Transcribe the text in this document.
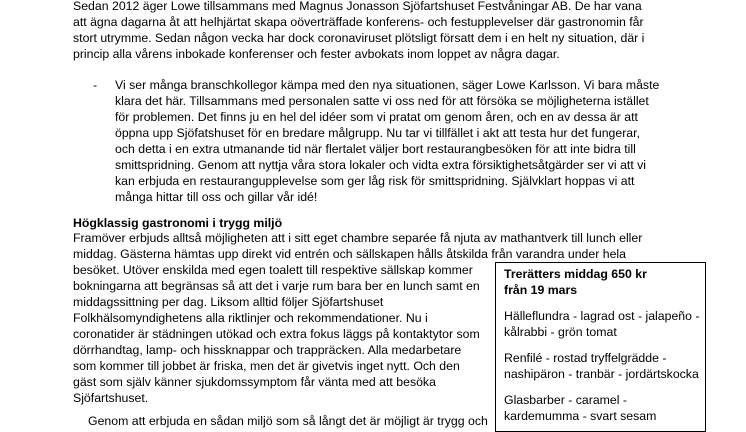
Sedan 2012 äger Lowe tillsammans med Magnus Jonasson Sjöfartshuset Festvåningar AB. De har vana
att ägna dagarna åt att helhjärtat skapa oöverträffade konferens- och festupplevelser där gastronomin får
stort utrymme. Sedan någon vecka har dock coronaviruset plötsligt försatt dem i en helt ny situation, där i
princip alla vårens inbokade konferenser och fester avbokats inom loppet av några dagar.
- Vi ser många branschkollegor kämpa med den nya situationen, säger Lowe Karlsson. Vi bara måste
klara det här. Tillsammans med personalen satte vi oss ned för att försöka se möjligheterna istället
för problemen. Det finns ju en hel del idéer som vi pratat om genom åren, och en av dessa är att
öppna upp Sjöfatshuset för en bredare målgrupp. Nu tar vi tillfället i akt att testa hur det fungerar,
och detta i en extra utmanande tid när flertalet väljer bort restaurangbesöken för att inte bidra till
smittspridning. Genom att nyttja våra stora lokaler och vidta extra försiktighetsåtgärder ser vi att vi
kan erbjuda en restaurangupplevelse som ger låg risk för smittspridning. Självklart hoppas vi att
många hittar till oss och gillar vår idé!
Högklassig gastronomi i trygg miljö
Framöver erbjuds alltså möjligheten att i sitt eget chambre separée få njuta av mathantverk till lunch eller
middag. Gästerna hämtas upp direkt vid entrén och sällskapen hålls åtskilda från varandra under hela
besöket. Utöver enskilda med egen toalett till respektive sällskap kommer
bokningarna att begränsas så att det i varje rum bara ber en lunch samt en
middagssittning per dag. Liksom alltid följer Sjöfartshuset
Folkhälsomyndighetens alla riktlinjer och rekommendationer. Nu i
coronatider är städningen utökad och extra fokus läggs på kontaktytor som
dörrhandtag, lamp- och hissknappar och trappräcken. Alla medarbetare
som kommer till jobbet är friska, men det är givetvis inget nytt. Och den
gäst som själv känner sjukdomssymptom får vänta med att besöka
Sjöfartshuset.
Genom att erbjuda en sådan miljö som så långt det är möjligt är trygg och
Trerätters middag 650 kr
från 19 mars
Hälleflundra - lagrad ost - jalapeño -
kålrabbi - grön tomat
Renfilé - rostad tryffelgrädde -
nashipäron - tranbär - jordärtskocka
Glasbarber - caramel -
kardemumma - svart sesam
